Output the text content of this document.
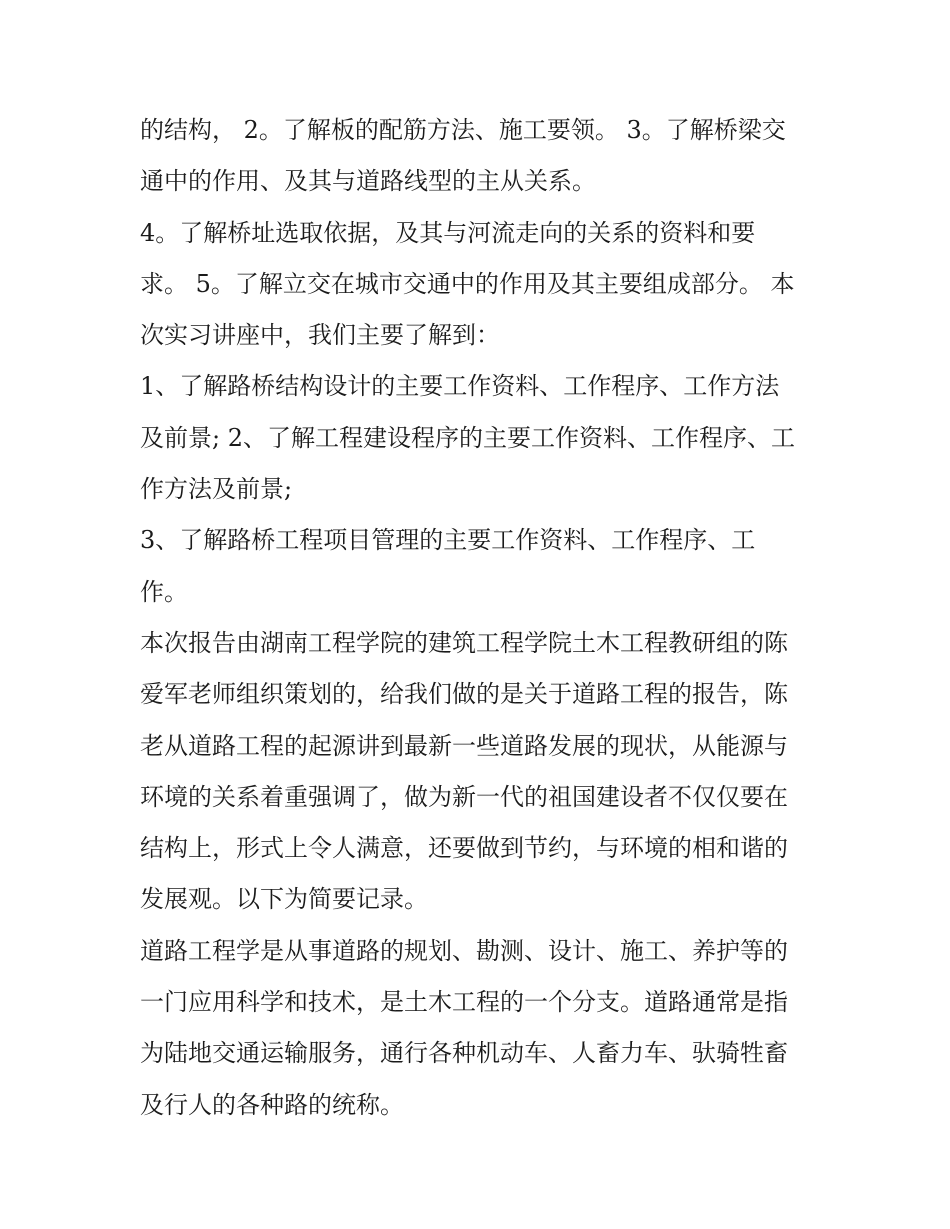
的结构， 2。了解板的配筋方法、施工要领。 3。了解桥梁交
通中的作用、及其与道路线型的主从关系。
4。了解桥址选取依据，及其与河流走向的关系的资料和要
求。 5。了解立交在城市交通中的作用及其主要组成部分。 本
次实习讲座中，我们主要了解到：
1、了解路桥结构设计的主要工作资料、工作程序、工作方法
及前景; 2、了解工程建设程序的主要工作资料、工作程序、工
作方法及前景;
3、了解路桥工程项目管理的主要工作资料、工作程序、工
作。
本次报告由湖南工程学院的建筑工程学院土木工程教研组的陈
爱军老师组织策划的，给我们做的是关于道路工程的报告，陈
老从道路工程的起源讲到最新一些道路发展的现状，从能源与
环境的关系着重强调了，做为新一代的祖国建设者不仅仅要在
结构上，形式上令人满意，还要做到节约，与环境的相和谐的
发展观。以下为简要记录。
道路工程学是从事道路的规划、勘测、设计、施工、养护等的
一门应用科学和技术，是土木工程的一个分支。道路通常是指
为陆地交通运输服务，通行各种机动车、人畜力车、驮骑牲畜
及行人的各种路的统称。
